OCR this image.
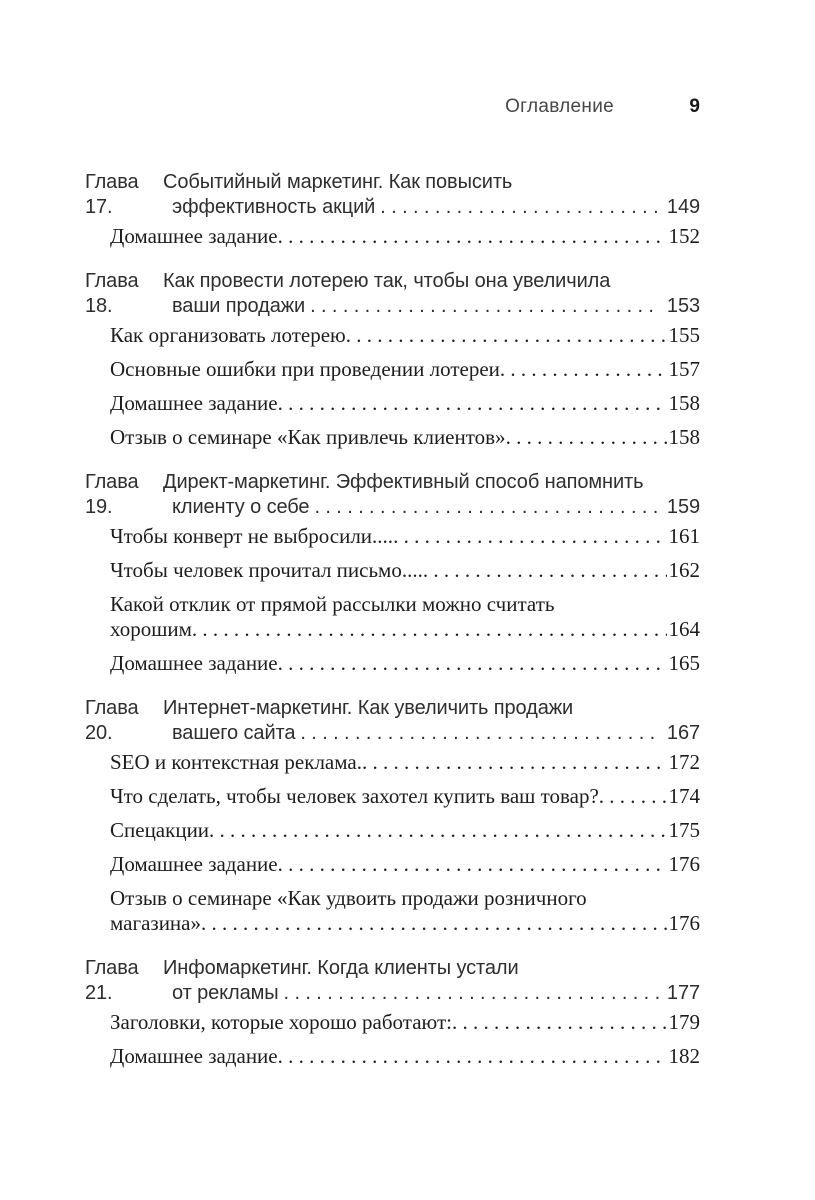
Оглавление	9
Глава 17.
Событийный маркетинг. Как повысить
эффективность акций . . .	149
Домашнее задание . . .	152
Глава 18.
Как провести лотерею так, чтобы она увеличила
ваши продажи . . .	153
Как организовать лотерею . . .	155
Основные ошибки при проведении лотереи . . .	157
Домашнее задание . . .	158
Отзыв о семинаре «Как привлечь клиентов» . . .	158
Глава 19.
Директ-маркетинг. Эффективный способ напомнить
клиенту о себе . . .	159
Чтобы конверт не выбросили.... . . .	161
Чтобы человек прочитал письмо.... . . .	162
Какой отклик от прямой рассылки можно считать
хорошим . . .	164
Домашнее задание . . .	165
Глава 20.
Интернет-маркетинг. Как увеличить продажи
вашего сайта . . .	167
SEO и контекстная реклама. . . .	172
Что сделать, чтобы человек захотел купить ваш товар? . . .	174
Спецакции . . .	175
Домашнее задание . . .	176
Отзыв о семинаре «Как удвоить продажи розничного
магазина» . . .	176
Глава 21.
Инфомаркетинг. Когда клиенты устали
от рекламы . . .	177
Заголовки, которые хорошо работают: . . .	179
Домашнее задание . . .	182
